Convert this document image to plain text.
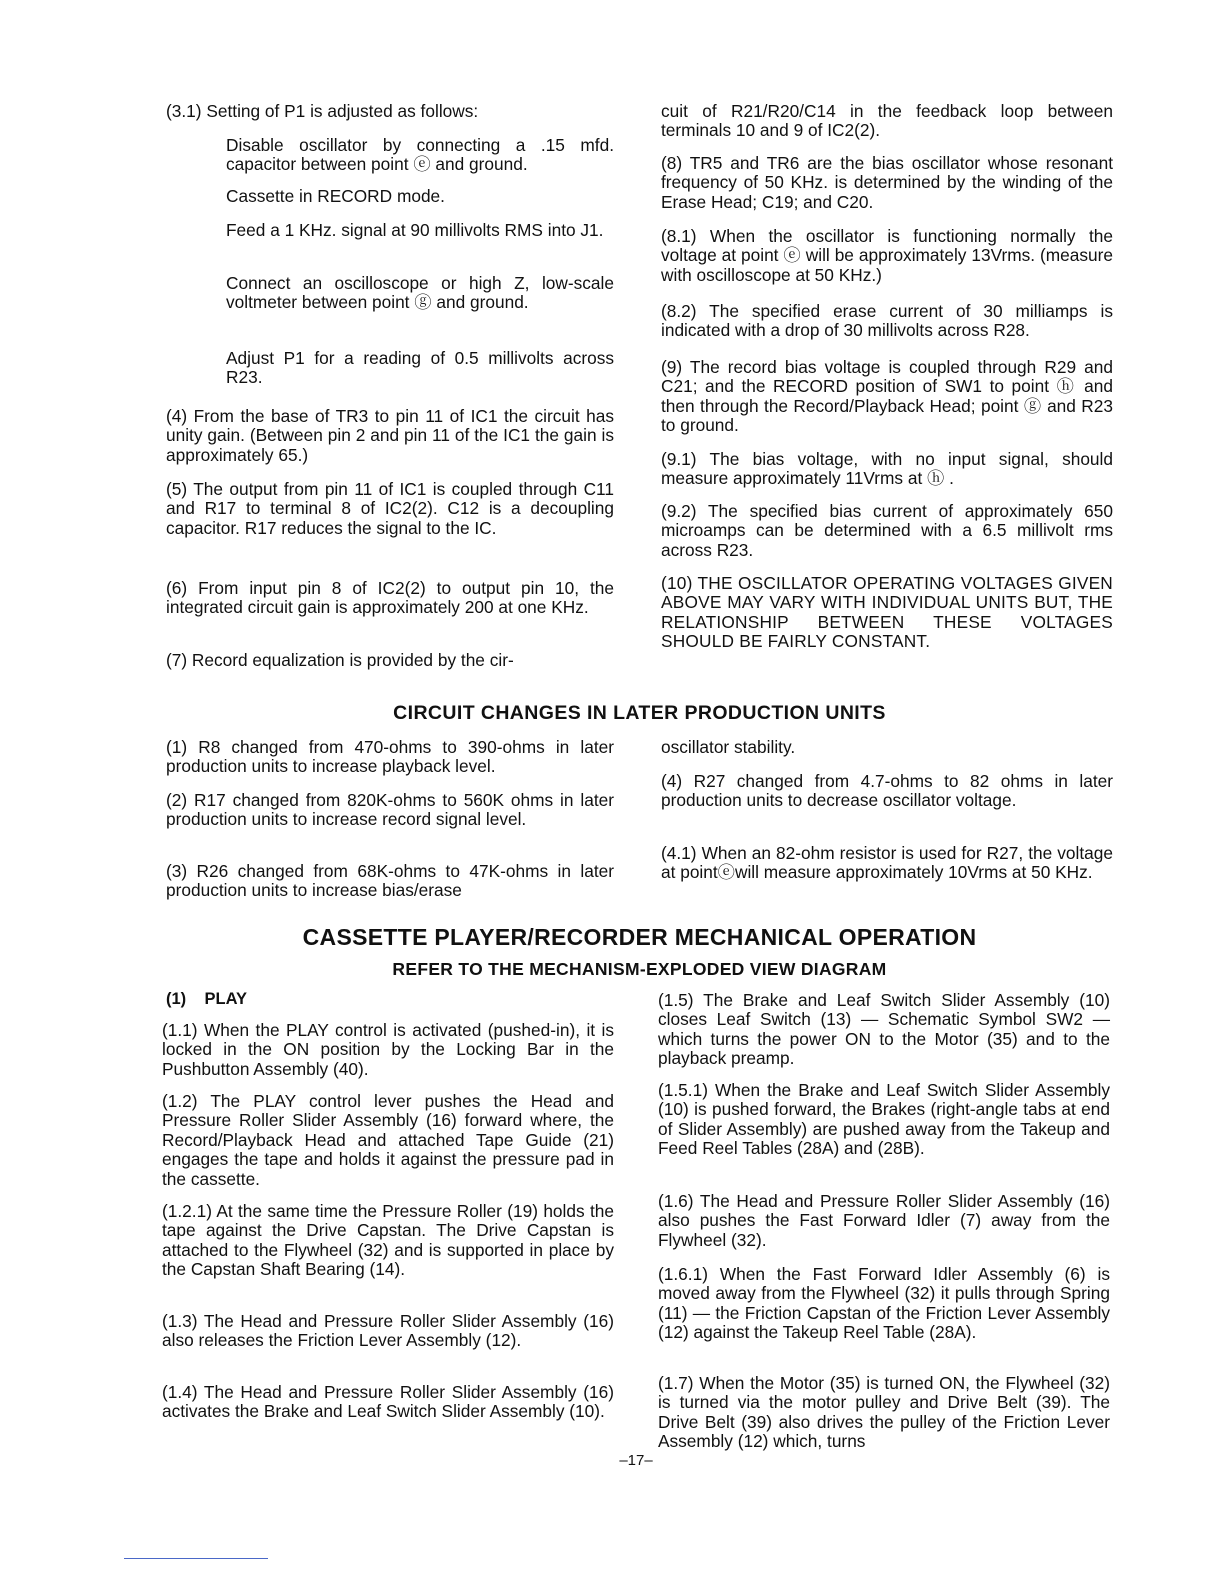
(3.1) Setting of P1 is adjusted as follows:

Disable oscillator by connecting a .15 mfd. capacitor between point ⓔ and ground.

Cassette in RECORD mode.

Feed a 1 KHz. signal at 90 millivolts RMS into J1.

Connect an oscilloscope or high Z, low-scale voltmeter between point ⓖ and ground.

Adjust P1 for a reading of 0.5 millivolts across R23.

(4) From the base of TR3 to pin 11 of IC1 the circuit has unity gain. (Between pin 2 and pin 11 of the IC1 the gain is approximately 65.)

(5) The output from pin 11 of IC1 is coupled through C11 and R17 to terminal 8 of IC2(2). C12 is a decoupling capacitor. R17 reduces the signal to the IC.

(6) From input pin 8 of IC2(2) to output pin 10, the integrated circuit gain is approximately 200 at one KHz.

(7) Record equalization is provided by the cir-

cuit of R21/R20/C14 in the feedback loop between terminals 10 and 9 of IC2(2).

(8) TR5 and TR6 are the bias oscillator whose resonant frequency of 50 KHz. is determined by the winding of the Erase Head; C19; and C20.

(8.1) When the oscillator is functioning normally the voltage at point ⓔ will be approximately 13Vrms. (measure with oscilloscope at 50 KHz.)

(8.2) The specified erase current of 30 milliamps is indicated with a drop of 30 millivolts across R28.

(9) The record bias voltage is coupled through R29 and C21; and the RECORD position of SW1 to point ⓗ and then through the Record/Playback Head; point ⓖ and R23 to ground.

(9.1) The bias voltage, with no input signal, should measure approximately 11Vrms at ⓗ .

(9.2) The specified bias current of approximately 650 microamps can be determined with a 6.5 millivolt rms across R23.

(10) THE OSCILLATOR OPERATING VOLTAGES GIVEN ABOVE MAY VARY WITH INDIVIDUAL UNITS BUT, THE RELATIONSHIP BETWEEN THESE VOLTAGES SHOULD BE FAIRLY CONSTANT.

CIRCUIT CHANGES IN LATER PRODUCTION UNITS

(1) R8 changed from 470-ohms to 390-ohms in later production units to increase playback level.

(2) R17 changed from 820K-ohms to 560K ohms in later production units to increase record signal level.

(3) R26 changed from 68K-ohms to 47K-ohms in later production units to increase bias/erase

oscillator stability.

(4) R27 changed from 4.7-ohms to 82 ohms in later production units to decrease oscillator voltage.

(4.1) When an 82-ohm resistor is used for R27, the voltage at pointⓔwill measure approximately 10Vrms at 50 KHz.

CASSETTE PLAYER/RECORDER MECHANICAL OPERATION
REFER TO THE MECHANISM-EXPLODED VIEW DIAGRAM

(1)    PLAY

(1.1) When the PLAY control is activated (pushed-in), it is locked in the ON position by the Locking Bar in the Pushbutton Assembly (40).

(1.2) The PLAY control lever pushes the Head and Pressure Roller Slider Assembly (16) forward where, the Record/Playback Head and attached Tape Guide (21) engages the tape and holds it against the pressure pad in the cassette.

(1.2.1) At the same time the Pressure Roller (19) holds the tape against the Drive Capstan. The Drive Capstan is attached to the Flywheel (32) and is supported in place by the Capstan Shaft Bearing (14).

(1.3) The Head and Pressure Roller Slider Assembly (16) also releases the Friction Lever Assembly (12).

(1.4) The Head and Pressure Roller Slider Assembly (16) activates the Brake and Leaf Switch Slider Assembly (10).

(1.5) The Brake and Leaf Switch Slider Assembly (10) closes Leaf Switch (13) — Schematic Symbol SW2 — which turns the power ON to the Motor (35) and to the playback preamp.

(1.5.1) When the Brake and Leaf Switch Slider Assembly (10) is pushed forward, the Brakes (right-angle tabs at end of Slider Assembly) are pushed away from the Takeup and Feed Reel Tables (28A) and (28B).

(1.6) The Head and Pressure Roller Slider Assembly (16) also pushes the Fast Forward Idler (7) away from the Flywheel (32).

(1.6.1) When the Fast Forward Idler Assembly (6) is moved away from the Flywheel (32) it pulls through Spring (11) — the Friction Capstan of the Friction Lever Assembly (12) against the Takeup Reel Table (28A).

(1.7) When the Motor (35) is turned ON, the Flywheel (32) is turned via the motor pulley and Drive Belt (39). The Drive Belt (39) also drives the pulley of the Friction Lever Assembly (12) which, turns

–17–
